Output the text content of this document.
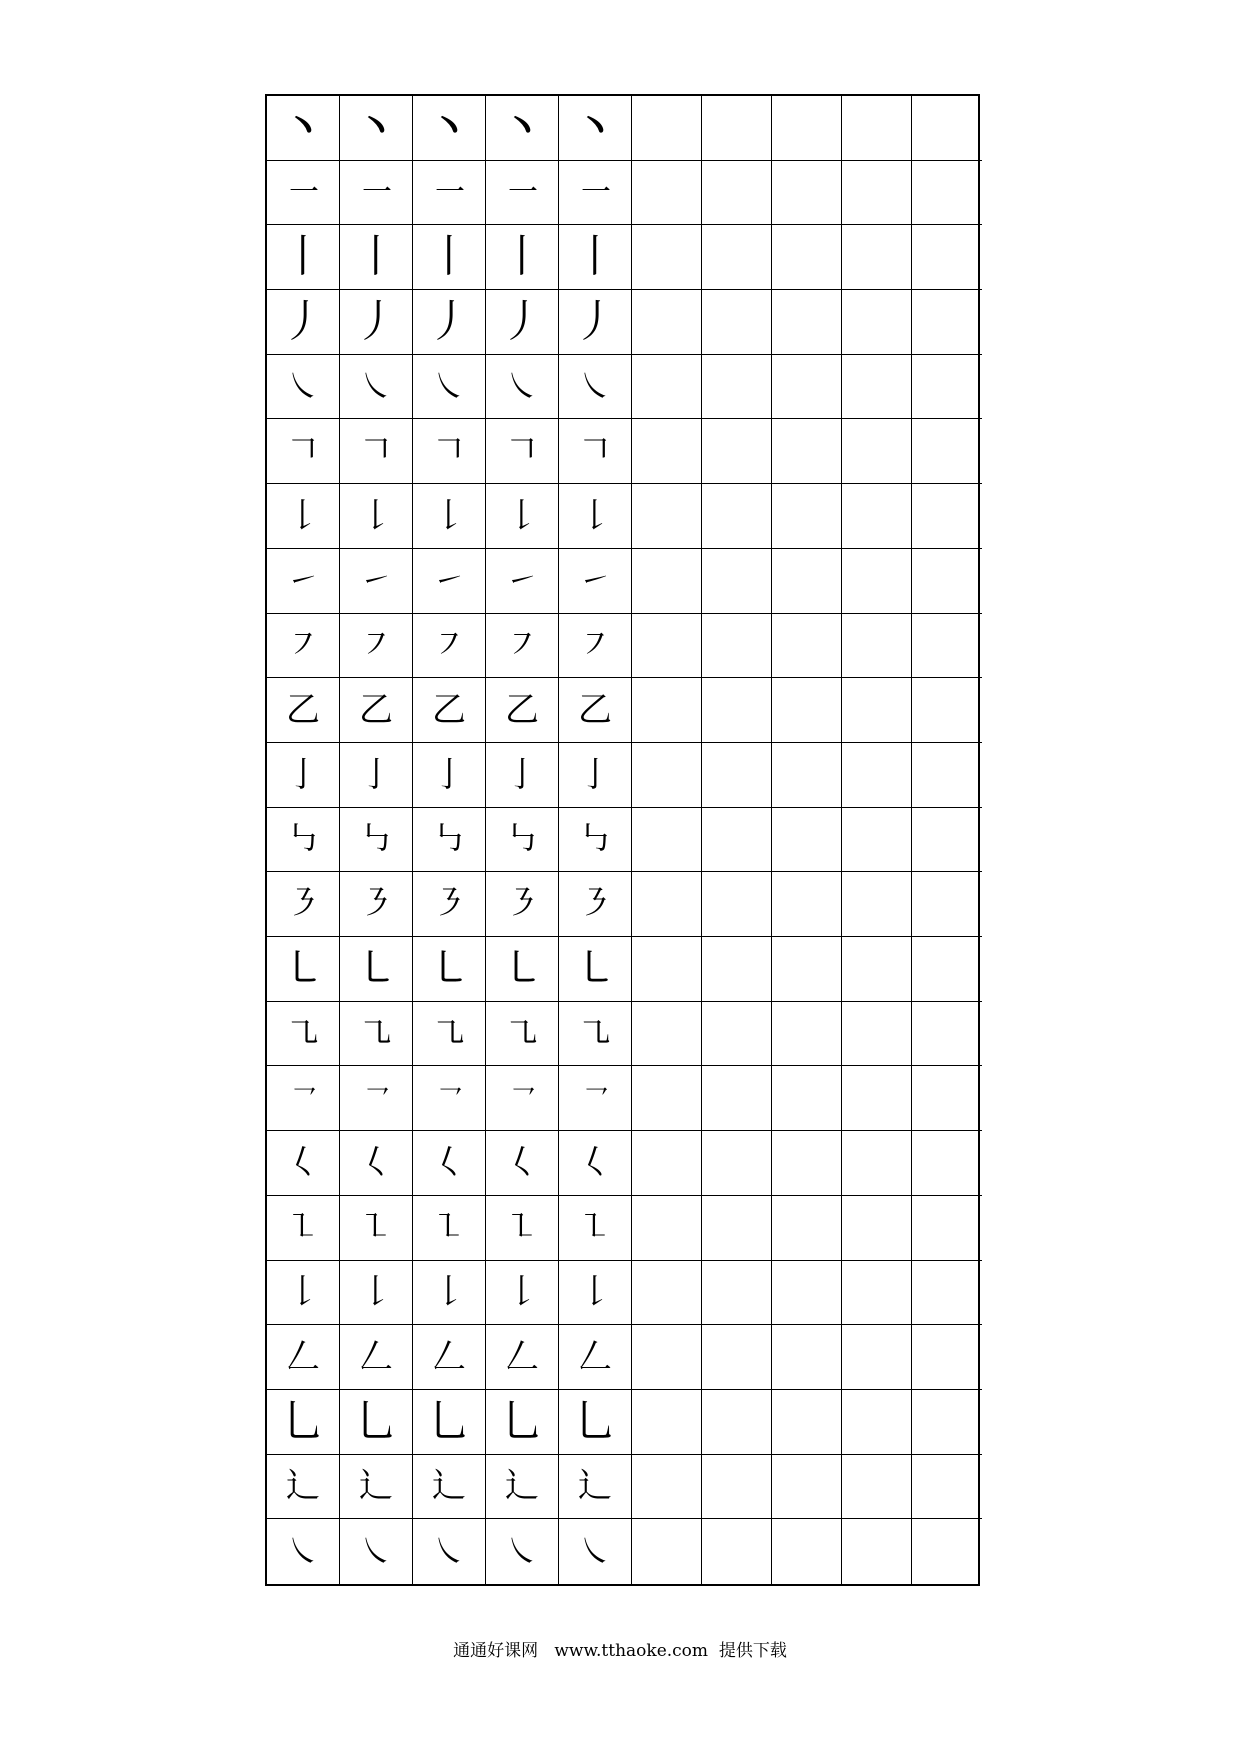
丶 丶 丶 丶 丶
一	一	一	一	一
丨 丨 丨 丨 丨
丿 丿 丿 丿 丿
㇏	㇏	㇏	㇏	㇏
𠃍	𠃍	𠃍	𠃍	𠃍
𠄌	𠄌	𠄌	𠄌	𠄌
㇀	㇀	㇀	㇀	㇀
㇇	㇇	㇇	㇇	㇇
乙	乙	乙	乙	乙
亅	亅	亅	亅	亅
㇉	㇉	㇉	㇉	㇉
㇋	㇋	㇋	㇋	㇋
㇄ ㇄ ㇄ ㇄ ㇄
㇈	㇈	㇈	㇈	㇈
㇖	㇖	㇖	㇖	㇖
𡿨	𡿨	𡿨	𡿨	𡿨
㇅	㇅	㇅	㇅	㇅
𠄌	𠄌	𠄌	𠄌	𠄌
𠃋	𠃋	𠃋	𠃋	𠃋
乚 乚 乚 乚 乚
辶	辶	辶	辶	辶
㇏	㇏	㇏	㇏	㇏
通通好课网   www.tthaoke.com  提供下载
